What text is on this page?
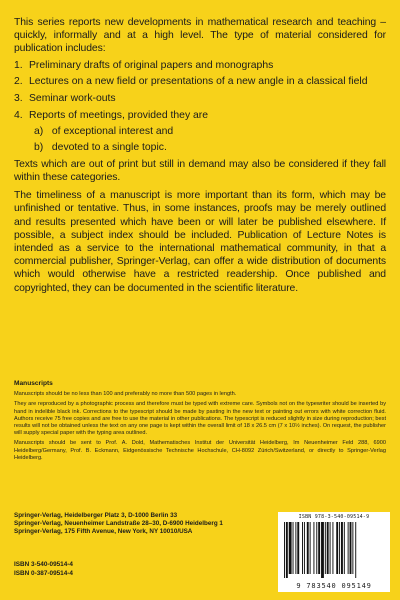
This series reports new developments in mathematical research and teaching – quickly, informally and at a high level. The type of material considered for publication includes:

1. Preliminary drafts of original papers and monographs
2. Lectures on a new field or presentations of a new angle in a classical field
3. Seminar work-outs
4. Reports of meetings, provided they are
a) of exceptional interest and
b) devoted to a single topic.

Texts which are out of print but still in demand may also be considered if they fall within these categories.

The timeliness of a manuscript is more important than its form, which may be unfinished or tentative. Thus, in some instances, proofs may be merely outlined and results presented which have been or will later be published elsewhere. If possible, a subject index should be included. Publication of Lecture Notes is intended as a service to the international mathematical community, in that a commercial publisher, Springer-Verlag, can offer a wide distribution of documents which would otherwise have a restricted readership. Once published and copyrighted, they can be documented in the scientific literature.

Manuscripts

Manuscripts should be no less than 100 and preferably no more than 500 pages in length.

They are reproduced by a photographic process and therefore must be typed with extreme care. Symbols not on the typewriter should be inserted by hand in indelible black ink. Corrections to the typescript should be made by pasting in the new text or painting out errors with white correction fluid. Authors receive 75 free copies and are free to use the material in other publications. The typescript is reduced slightly in size during reproduction; best results will not be obtained unless the text on any one page is kept within the overall limit of 18 x 26.5 cm (7 x 10½ inches). On request, the publisher will supply special paper with the typing area outlined.

Manuscripts should be sent to Prof. A. Dold, Mathematisches Institut der Universität Heidelberg, Im Neuenheimer Feld 288, 6900 Heidelberg/Germany, Prof. B. Eckmann, Eidgenössische Technische Hochschule, CH-8092 Zürich/Switzerland, or directly to Springer-Verlag Heidelberg.

Springer-Verlag, Heidelberger Platz 3, D-1000 Berlin 33
Springer-Verlag, Neuenheimer Landstraße 28–30, D-6900 Heidelberg 1
Springer-Verlag, 175 Fifth Avenue, New York, NY 10010/USA
ISBN 3-540-09514-4
ISBN 0-387-09514-4
ISBN 978-3-540-09514-9
9 783540 095149
